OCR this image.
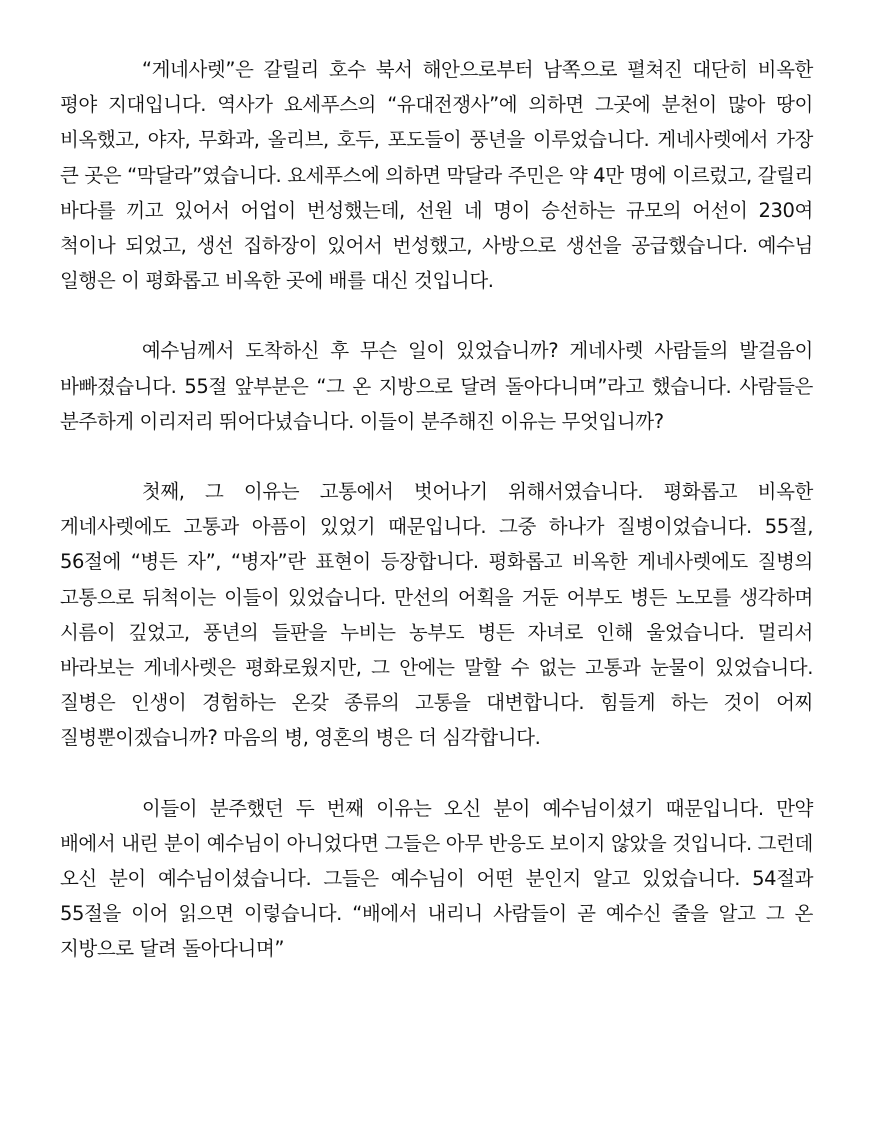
“게네사렛”은 갈릴리 호수 북서 해안으로부터 남쪽으로 펼쳐진 대단히 비옥한 평야 지대입니다. 역사가 요세푸스의 “유대전쟁사”에 의하면 그곳에 분천이 많아 땅이 비옥했고, 야자, 무화과, 올리브, 호두, 포도들이 풍년을 이루었습니다. 게네사렛에서 가장 큰 곳은 “막달라”였습니다. 요세푸스에 의하면 막달라 주민은 약 4만 명에 이르렀고, 갈릴리 바다를 끼고 있어서 어업이 번성했는데, 선원 네 명이 승선하는 규모의 어선이 230여 척이나 되었고, 생선 집하장이 있어서 번성했고, 사방으로 생선을 공급했습니다. 예수님 일행은 이 평화롭고 비옥한 곳에 배를 대신 것입니다.

예수님께서 도착하신 후 무슨 일이 있었습니까? 게네사렛 사람들의 발걸음이 바빠졌습니다. 55절 앞부분은 “그 온 지방으로 달려 돌아다니며”라고 했습니다. 사람들은 분주하게 이리저리 뛰어다녔습니다. 이들이 분주해진 이유는 무엇입니까?

첫째, 그 이유는 고통에서 벗어나기 위해서였습니다. 평화롭고 비옥한 게네사렛에도 고통과 아픔이 있었기 때문입니다. 그중 하나가 질병이었습니다. 55절, 56절에 “병든 자”, “병자”란 표현이 등장합니다. 평화롭고 비옥한 게네사렛에도 질병의 고통으로 뒤척이는 이들이 있었습니다. 만선의 어획을 거둔 어부도 병든 노모를 생각하며 시름이 깊었고, 풍년의 들판을 누비는 농부도 병든 자녀로 인해 울었습니다. 멀리서 바라보는 게네사렛은 평화로웠지만, 그 안에는 말할 수 없는 고통과 눈물이 있었습니다. 질병은 인생이 경험하는 온갖 종류의 고통을 대변합니다. 힘들게 하는 것이 어찌 질병뿐이겠습니까? 마음의 병, 영혼의 병은 더 심각합니다.

이들이 분주했던 두 번째 이유는 오신 분이 예수님이셨기 때문입니다. 만약 배에서 내린 분이 예수님이 아니었다면 그들은 아무 반응도 보이지 않았을 것입니다. 그런데 오신 분이 예수님이셨습니다. 그들은 예수님이 어떤 분인지 알고 있었습니다. 54절과 55절을 이어 읽으면 이렇습니다. “배에서 내리니 사람들이 곧 예수신 줄을 알고 그 온 지방으로 달려 돌아다니며”
